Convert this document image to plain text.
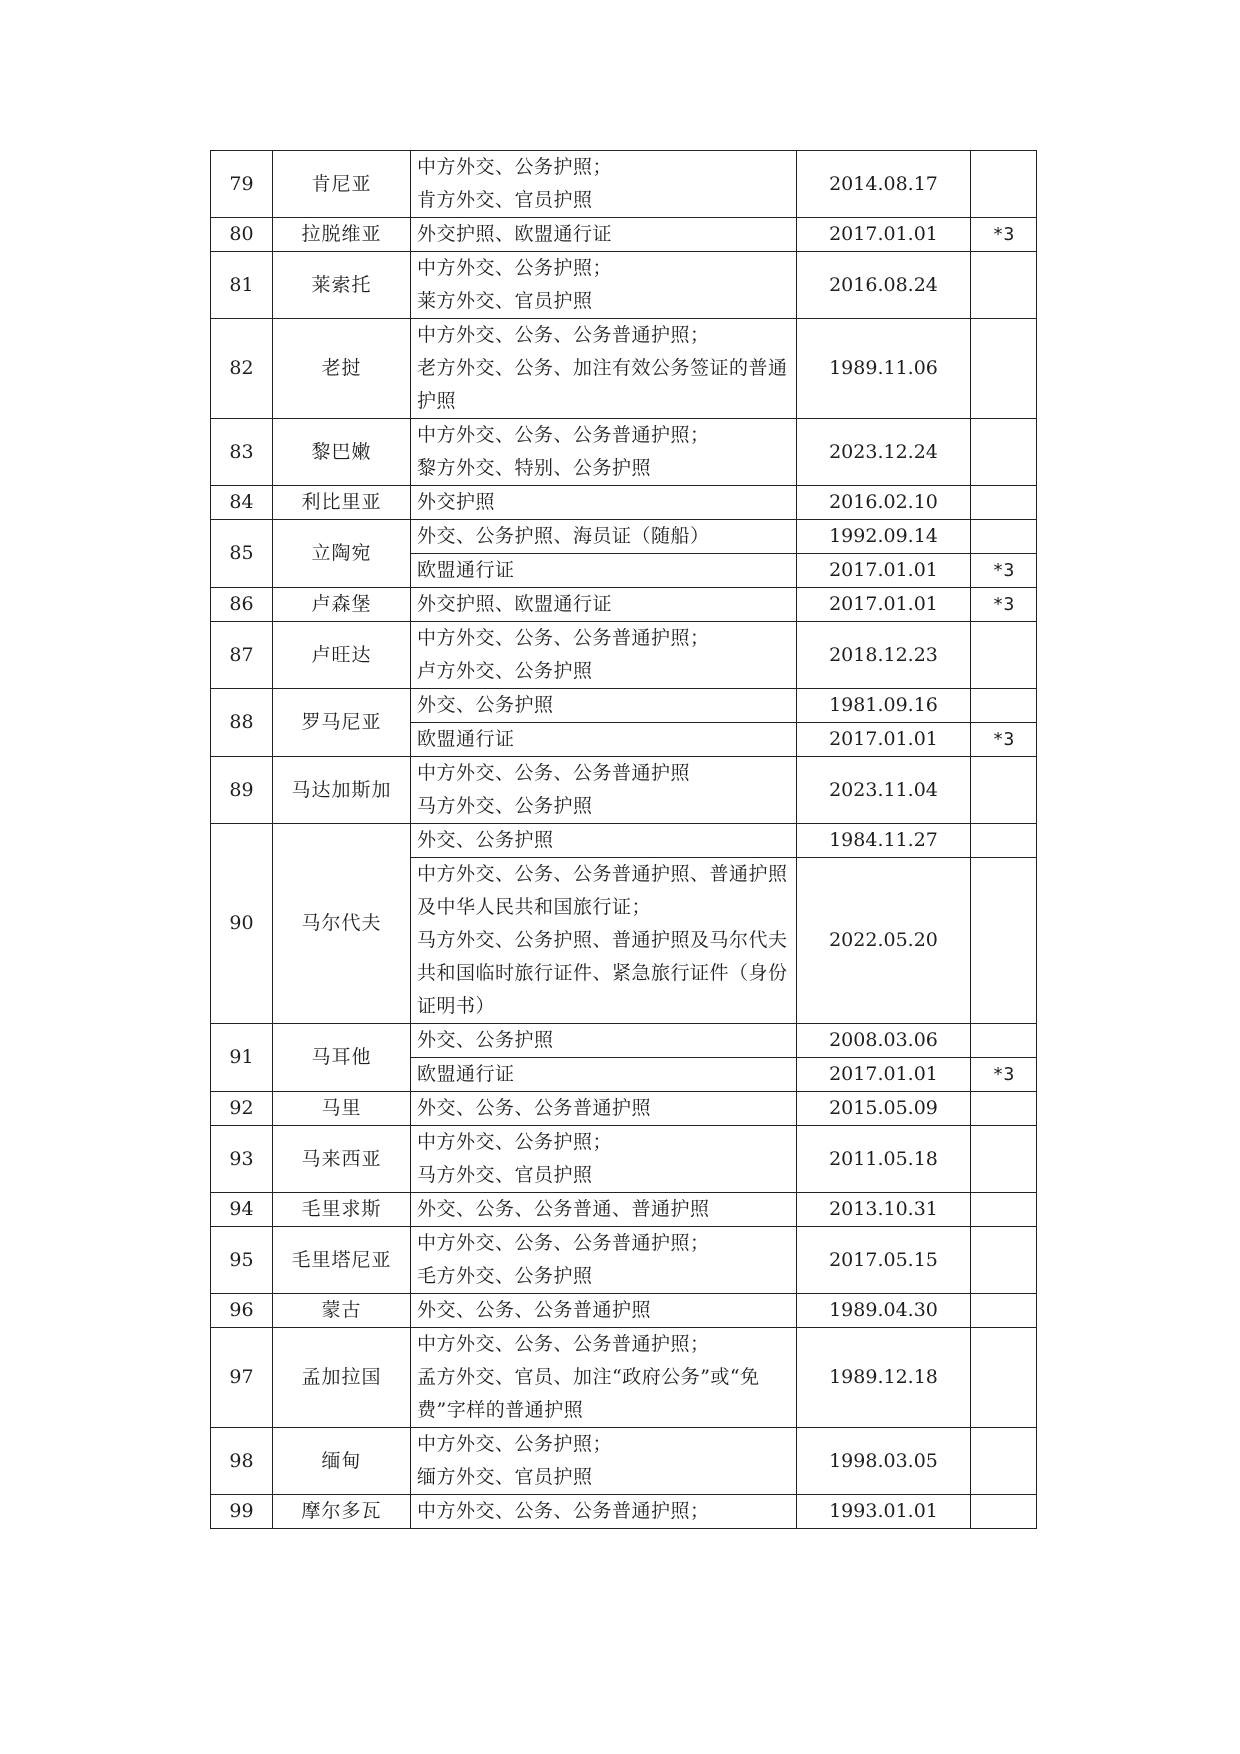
79	肯尼亚	中方外交、公务护照；
肯方外交、官员护照	2014.08.17	
80	拉脱维亚	外交护照、欧盟通行证	2017.01.01	*3
81	莱索托	中方外交、公务护照；
莱方外交、官员护照	2016.08.24	
82	老挝	中方外交、公务、公务普通护照；
老方外交、公务、加注有效公务签证的普通护照	1989.11.06	
83	黎巴嫩	中方外交、公务、公务普通护照；
黎方外交、特别、公务护照	2023.12.24	
84	利比里亚	外交护照	2016.02.10	
85	立陶宛	外交、公务护照、海员证（随船）	1992.09.14	
		欧盟通行证	2017.01.01	*3
86	卢森堡	外交护照、欧盟通行证	2017.01.01	*3
87	卢旺达	中方外交、公务、公务普通护照；
卢方外交、公务护照	2018.12.23	
88	罗马尼亚	外交、公务护照	1981.09.16	
		欧盟通行证	2017.01.01	*3
89	马达加斯加	中方外交、公务、公务普通护照
马方外交、公务护照	2023.11.04	
90	马尔代夫	外交、公务护照	1984.11.27	
		中方外交、公务、公务普通护照、普通护照及中华人民共和国旅行证；
马方外交、公务护照、普通护照及马尔代夫共和国临时旅行证件、紧急旅行证件（身份证明书）	2022.05.20	
91	马耳他	外交、公务护照	2008.03.06	
		欧盟通行证	2017.01.01	*3
92	马里	外交、公务、公务普通护照	2015.05.09	
93	马来西亚	中方外交、公务护照；
马方外交、官员护照	2011.05.18	
94	毛里求斯	外交、公务、公务普通、普通护照	2013.10.31	
95	毛里塔尼亚	中方外交、公务、公务普通护照；
毛方外交、公务护照	2017.05.15	
96	蒙古	外交、公务、公务普通护照	1989.04.30	
97	孟加拉国	中方外交、公务、公务普通护照；
孟方外交、官员、加注“政府公务”或“免费”字样的普通护照	1989.12.18	
98	缅甸	中方外交、公务护照；
缅方外交、官员护照	1998.03.05	
99	摩尔多瓦	中方外交、公务、公务普通护照；	1993.01.01	
